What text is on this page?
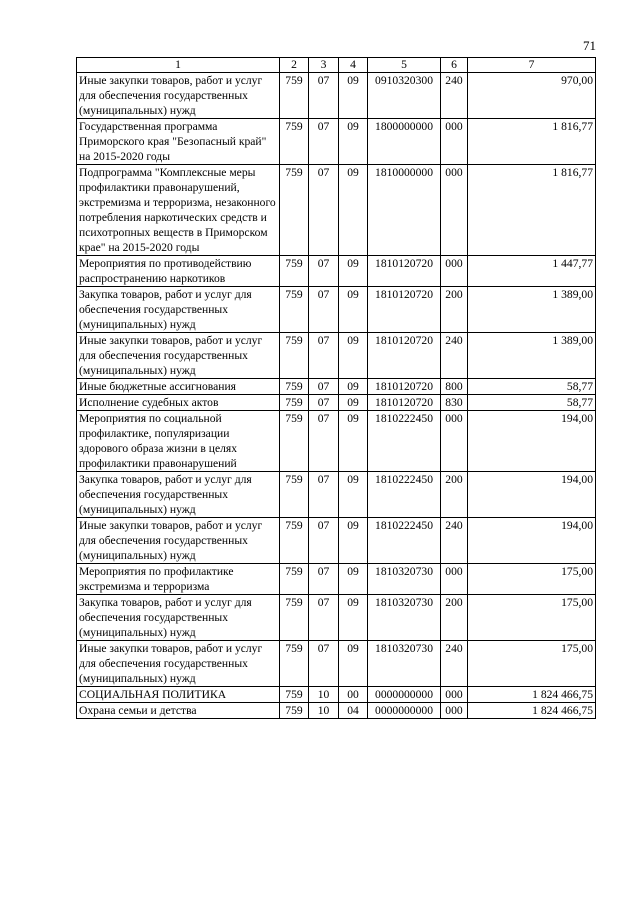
71
1	2	3	4	5	6	7
Иные закупки товаров, работ и услуг для обеспечения государственных (муниципальных) нужд	759	07	09	0910320300	240	970,00
Государственная программа Приморского края "Безопасный край" на 2015-2020 годы	759	07	09	1800000000	000	1 816,77
Подпрограмма "Комплексные меры профилактики правонарушений, экстремизма и терроризма, незаконного потребления наркотических средств и психотропных веществ в Приморском крае" на 2015-2020 годы	759	07	09	1810000000	000	1 816,77
Мероприятия по противодействию распространению наркотиков	759	07	09	1810120720	000	1 447,77
Закупка товаров, работ и услуг для обеспечения государственных (муниципальных) нужд	759	07	09	1810120720	200	1 389,00
Иные закупки товаров, работ и услуг для обеспечения государственных (муниципальных) нужд	759	07	09	1810120720	240	1 389,00
Иные бюджетные ассигнования	759	07	09	1810120720	800	58,77
Исполнение судебных актов	759	07	09	1810120720	830	58,77
Мероприятия по социальной профилактике, популяризации здорового образа жизни в целях профилактики правонарушений	759	07	09	1810222450	000	194,00
Закупка товаров, работ и услуг для обеспечения государственных (муниципальных) нужд	759	07	09	1810222450	200	194,00
Иные закупки товаров, работ и услуг для обеспечения государственных (муниципальных) нужд	759	07	09	1810222450	240	194,00
Мероприятия по профилактике экстремизма и терроризма	759	07	09	1810320730	000	175,00
Закупка товаров, работ и услуг для обеспечения государственных (муниципальных) нужд	759	07	09	1810320730	200	175,00
Иные закупки товаров, работ и услуг для обеспечения государственных (муниципальных) нужд	759	07	09	1810320730	240	175,00
СОЦИАЛЬНАЯ ПОЛИТИКА	759	10	00	0000000000	000	1 824 466,75
Охрана семьи и детства	759	10	04	0000000000	000	1 824 466,75
